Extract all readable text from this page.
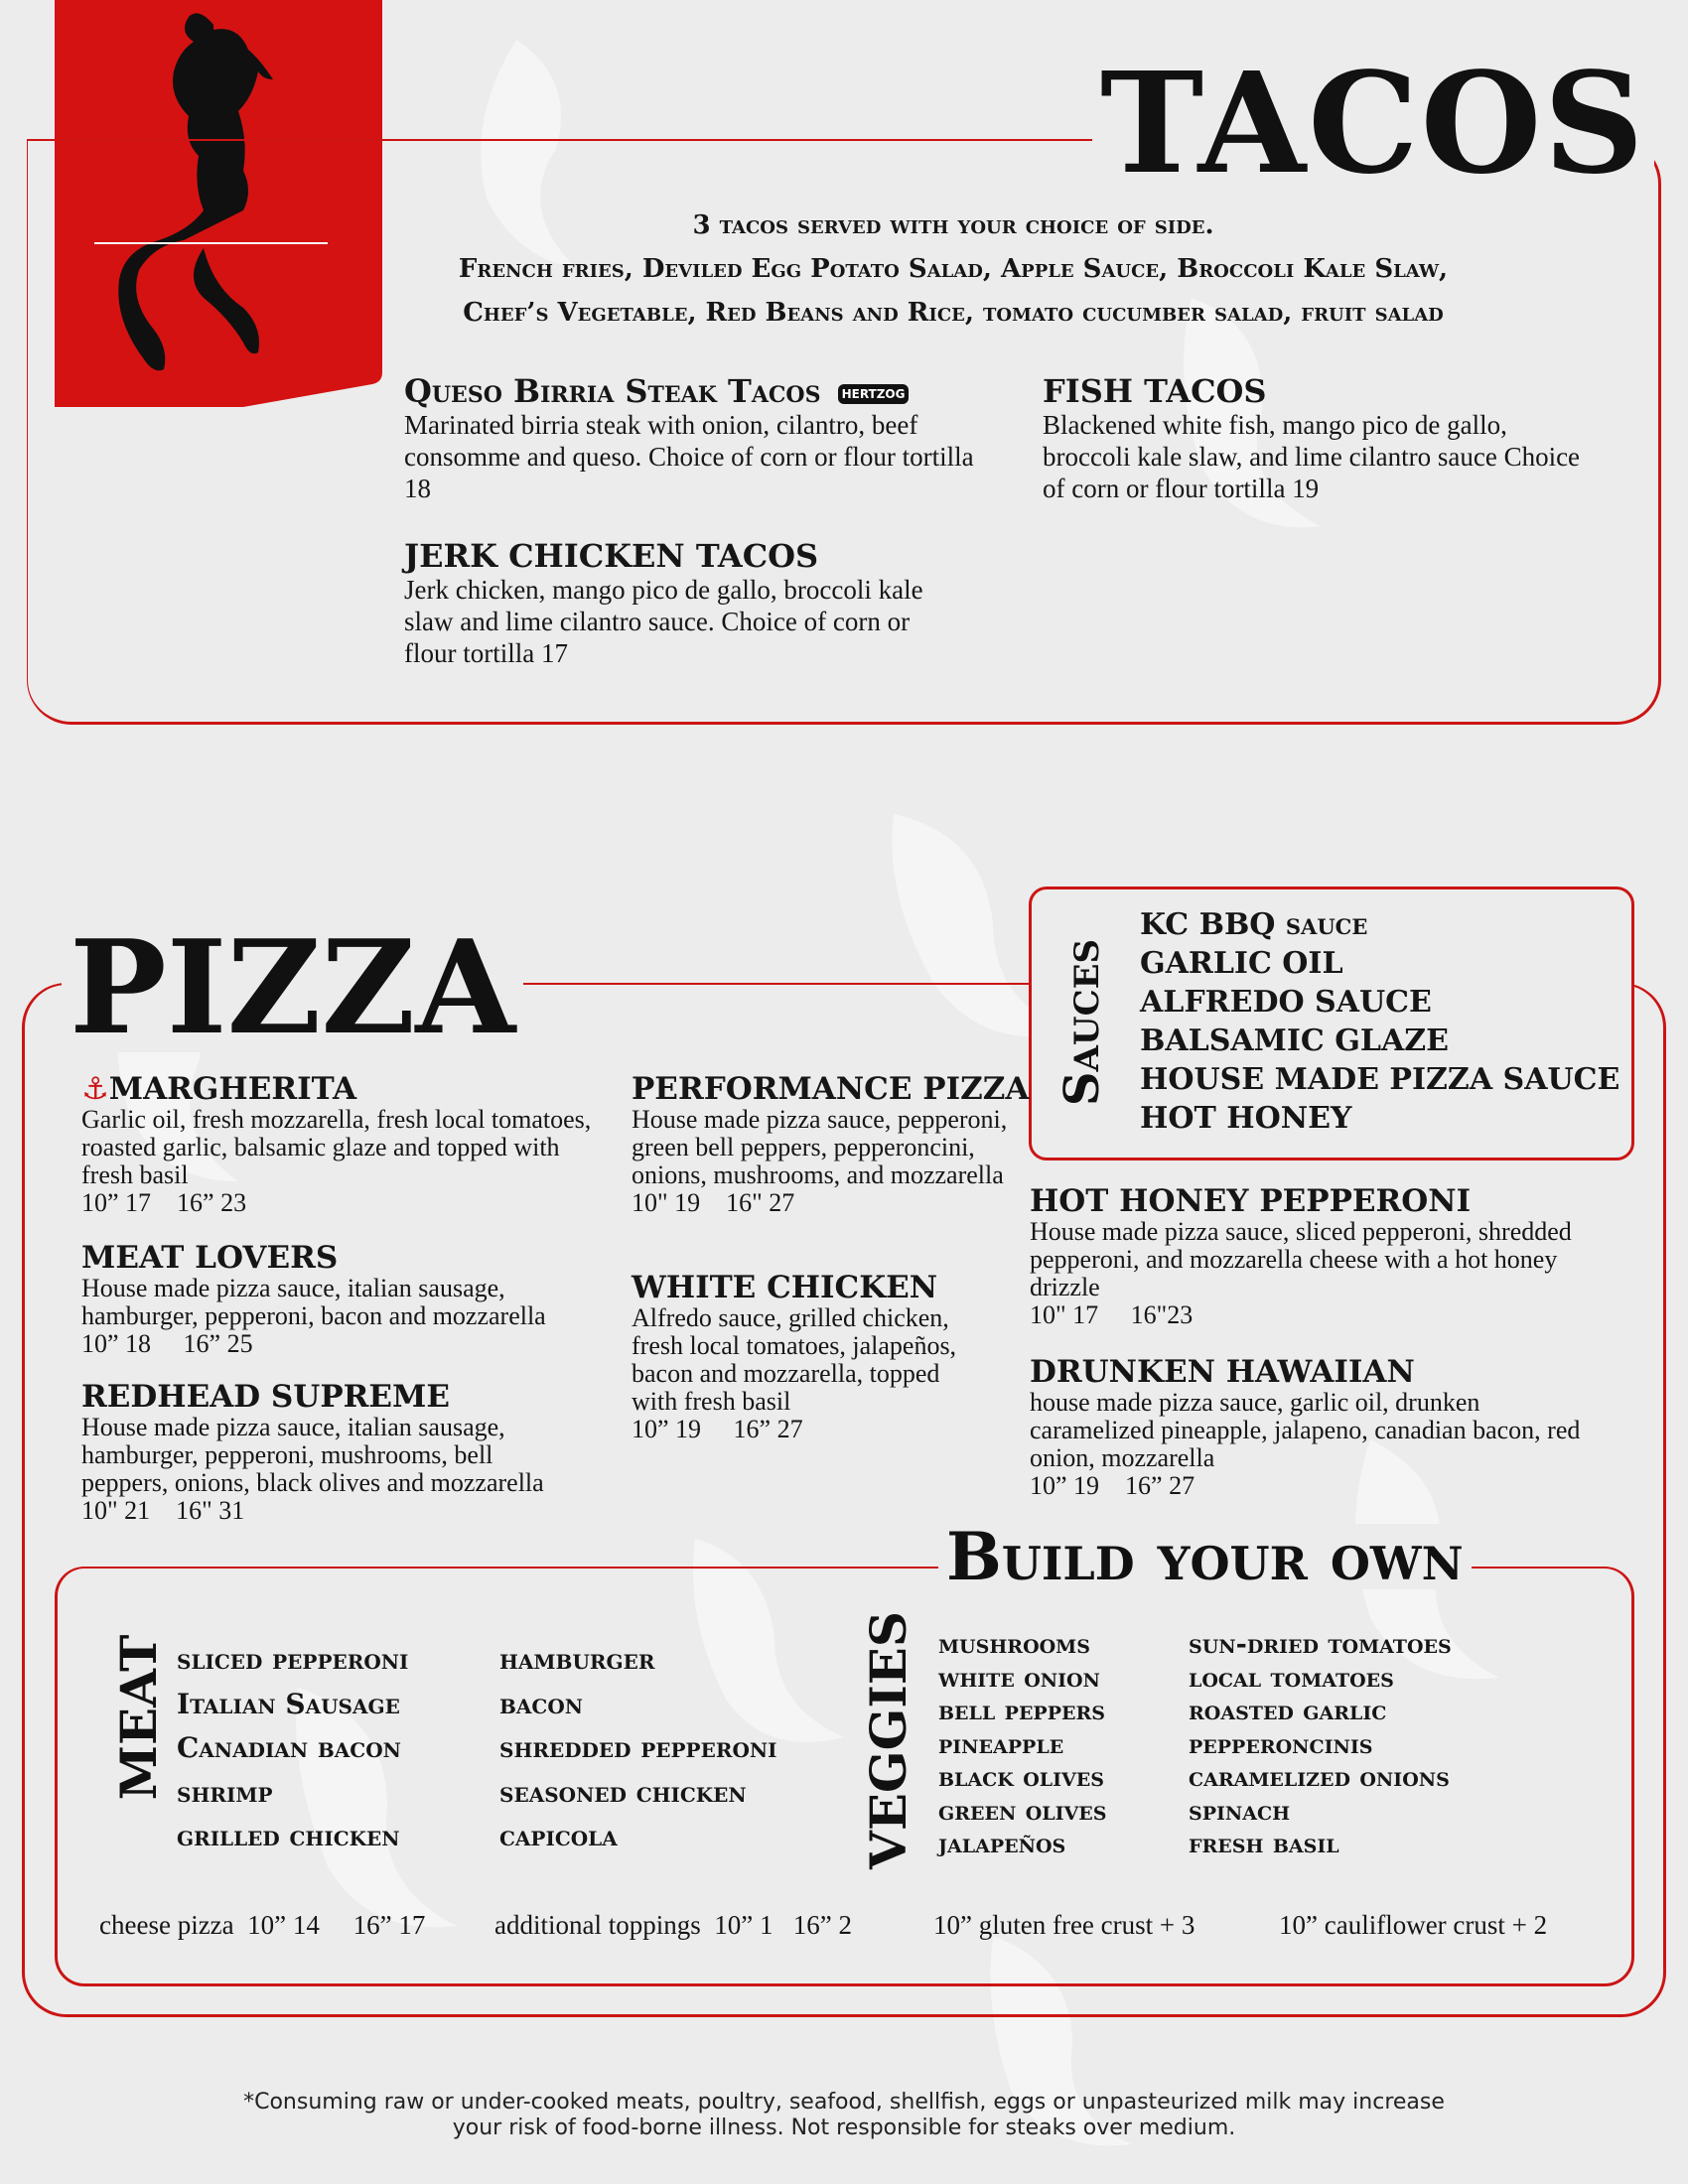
TACOS
3 tacos served with your choice of side.
French fries, Deviled Egg Potato Salad, Apple Sauce, Broccoli Kale Slaw,
Chef’s Vegetable, Red Beans and Rice, tomato cucumber salad, fruit salad
Queso Birria Steak Tacos HERTZOG
Marinated birria steak with onion, cilantro, beef consomme and queso. Choice of corn or flour tortilla 18
FISH TACOS
Blackened white fish, mango pico de gallo, broccoli kale slaw, and lime cilantro sauce Choice of corn or flour tortilla 19
JERK CHICKEN TACOS
Jerk chicken, mango pico de gallo, broccoli kale slaw and lime cilantro sauce. Choice of corn or flour tortilla 17
PIZZA	Sauces
KC BBQ sauce
GARLIC OIL
ALFREDO SAUCE
BALSAMIC GLAZE
HOUSE MADE PIZZA SAUCE
HOT HONEY
⚓MARGHERITA
Garlic oil, fresh mozzarella, fresh local tomatoes, roasted garlic, balsamic glaze and topped with fresh basil
10” 17    16” 23
MEAT LOVERS
House made pizza sauce, italian sausage, hamburger, pepperoni, bacon and mozzarella
10” 18     16” 25
REDHEAD SUPREME
House made pizza sauce, italian sausage, hamburger, pepperoni, mushrooms, bell peppers, onions, black olives and mozzarella
10" 21    16" 31
PERFORMANCE PIZZA
House made pizza sauce, pepperoni, green bell peppers, pepperoncini, onions, mushrooms, and mozzarella
10" 19    16" 27
WHITE CHICKEN
Alfredo sauce, grilled chicken, fresh local tomatoes, jalapeños, bacon and mozzarella, topped with fresh basil
10” 19     16” 27
HOT HONEY PEPPERONI
House made pizza sauce, sliced pepperoni, shredded pepperoni, and mozzarella cheese with a hot honey drizzle
10" 17     16"23
DRUNKEN HAWAIIAN
house made pizza sauce, garlic oil, drunken caramelized pineapple, jalapeno, canadian bacon, red onion, mozzarella
10” 19    16” 27
Build your own
MEAT sliced pepperoni
Italian Sausage
Canadian bacon
shrimp
grilled chicken
hamburger
bacon
shredded pepperoni
seasoned chicken
capicola	VEGGIES mushrooms
white onion
bell peppers
pineapple
black olives
green olives
jalapeños
sun-dried tomatoes
local tomatoes
roasted garlic
pepperoncinis
caramelized onions
spinach
fresh basil
cheese pizza  10” 14     16” 17	additional toppings  10” 1   16” 2	10” gluten free crust + 3	10” cauliflower crust + 2
*Consuming raw or under-cooked meats, poultry, seafood, shellfish, eggs or unpasteurized milk may increase
your risk of food-borne illness. Not responsible for steaks over medium.
